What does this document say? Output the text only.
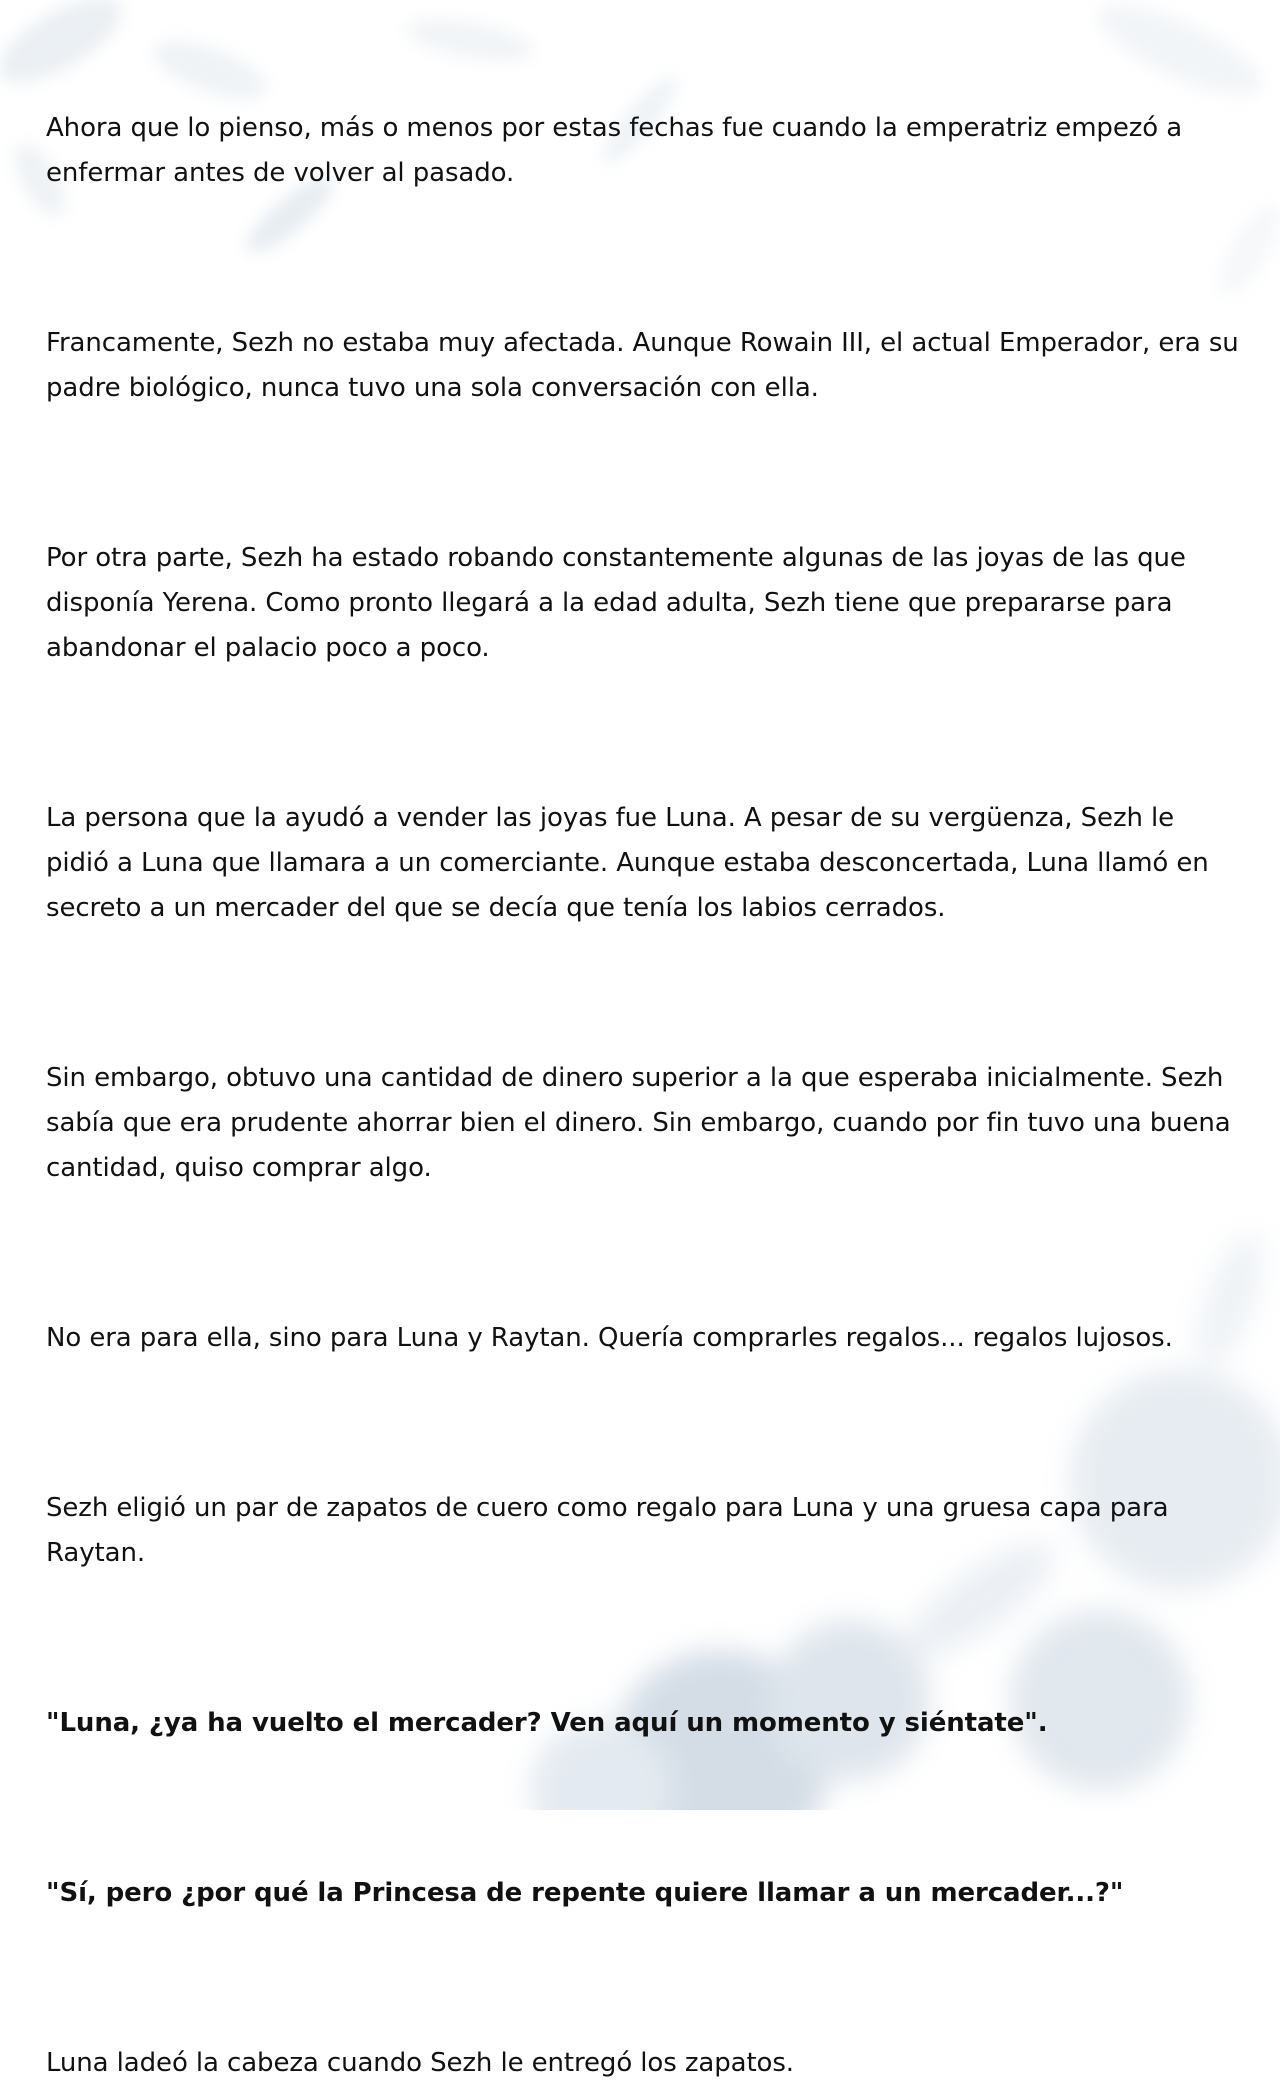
Ahora que lo pienso, más o menos por estas fechas fue cuando la emperatriz empezó a enfermar antes de volver al pasado.

Francamente, Sezh no estaba muy afectada. Aunque Rowain III, el actual Emperador, era su padre biológico, nunca tuvo una sola conversación con ella.

Por otra parte, Sezh ha estado robando constantemente algunas de las joyas de las que disponía Yerena. Como pronto llegará a la edad adulta, Sezh tiene que prepararse para abandonar el palacio poco a poco.

La persona que la ayudó a vender las joyas fue Luna. A pesar de su vergüenza, Sezh le pidió a Luna que llamara a un comerciante. Aunque estaba desconcertada, Luna llamó en secreto a un mercader del que se decía que tenía los labios cerrados.

Sin embargo, obtuvo una cantidad de dinero superior a la que esperaba inicialmente. Sezh sabía que era prudente ahorrar bien el dinero. Sin embargo, cuando por fin tuvo una buena cantidad, quiso comprar algo.

No era para ella, sino para Luna y Raytan. Quería comprarles regalos... regalos lujosos.

Sezh eligió un par de zapatos de cuero como regalo para Luna y una gruesa capa para Raytan.

"Luna, ¿ya ha vuelto el mercader? Ven aquí un momento y siéntate".

"Sí, pero ¿por qué la Princesa de repente quiere llamar a un mercader...?"

Luna ladeó la cabeza cuando Sezh le entregó los zapatos.
